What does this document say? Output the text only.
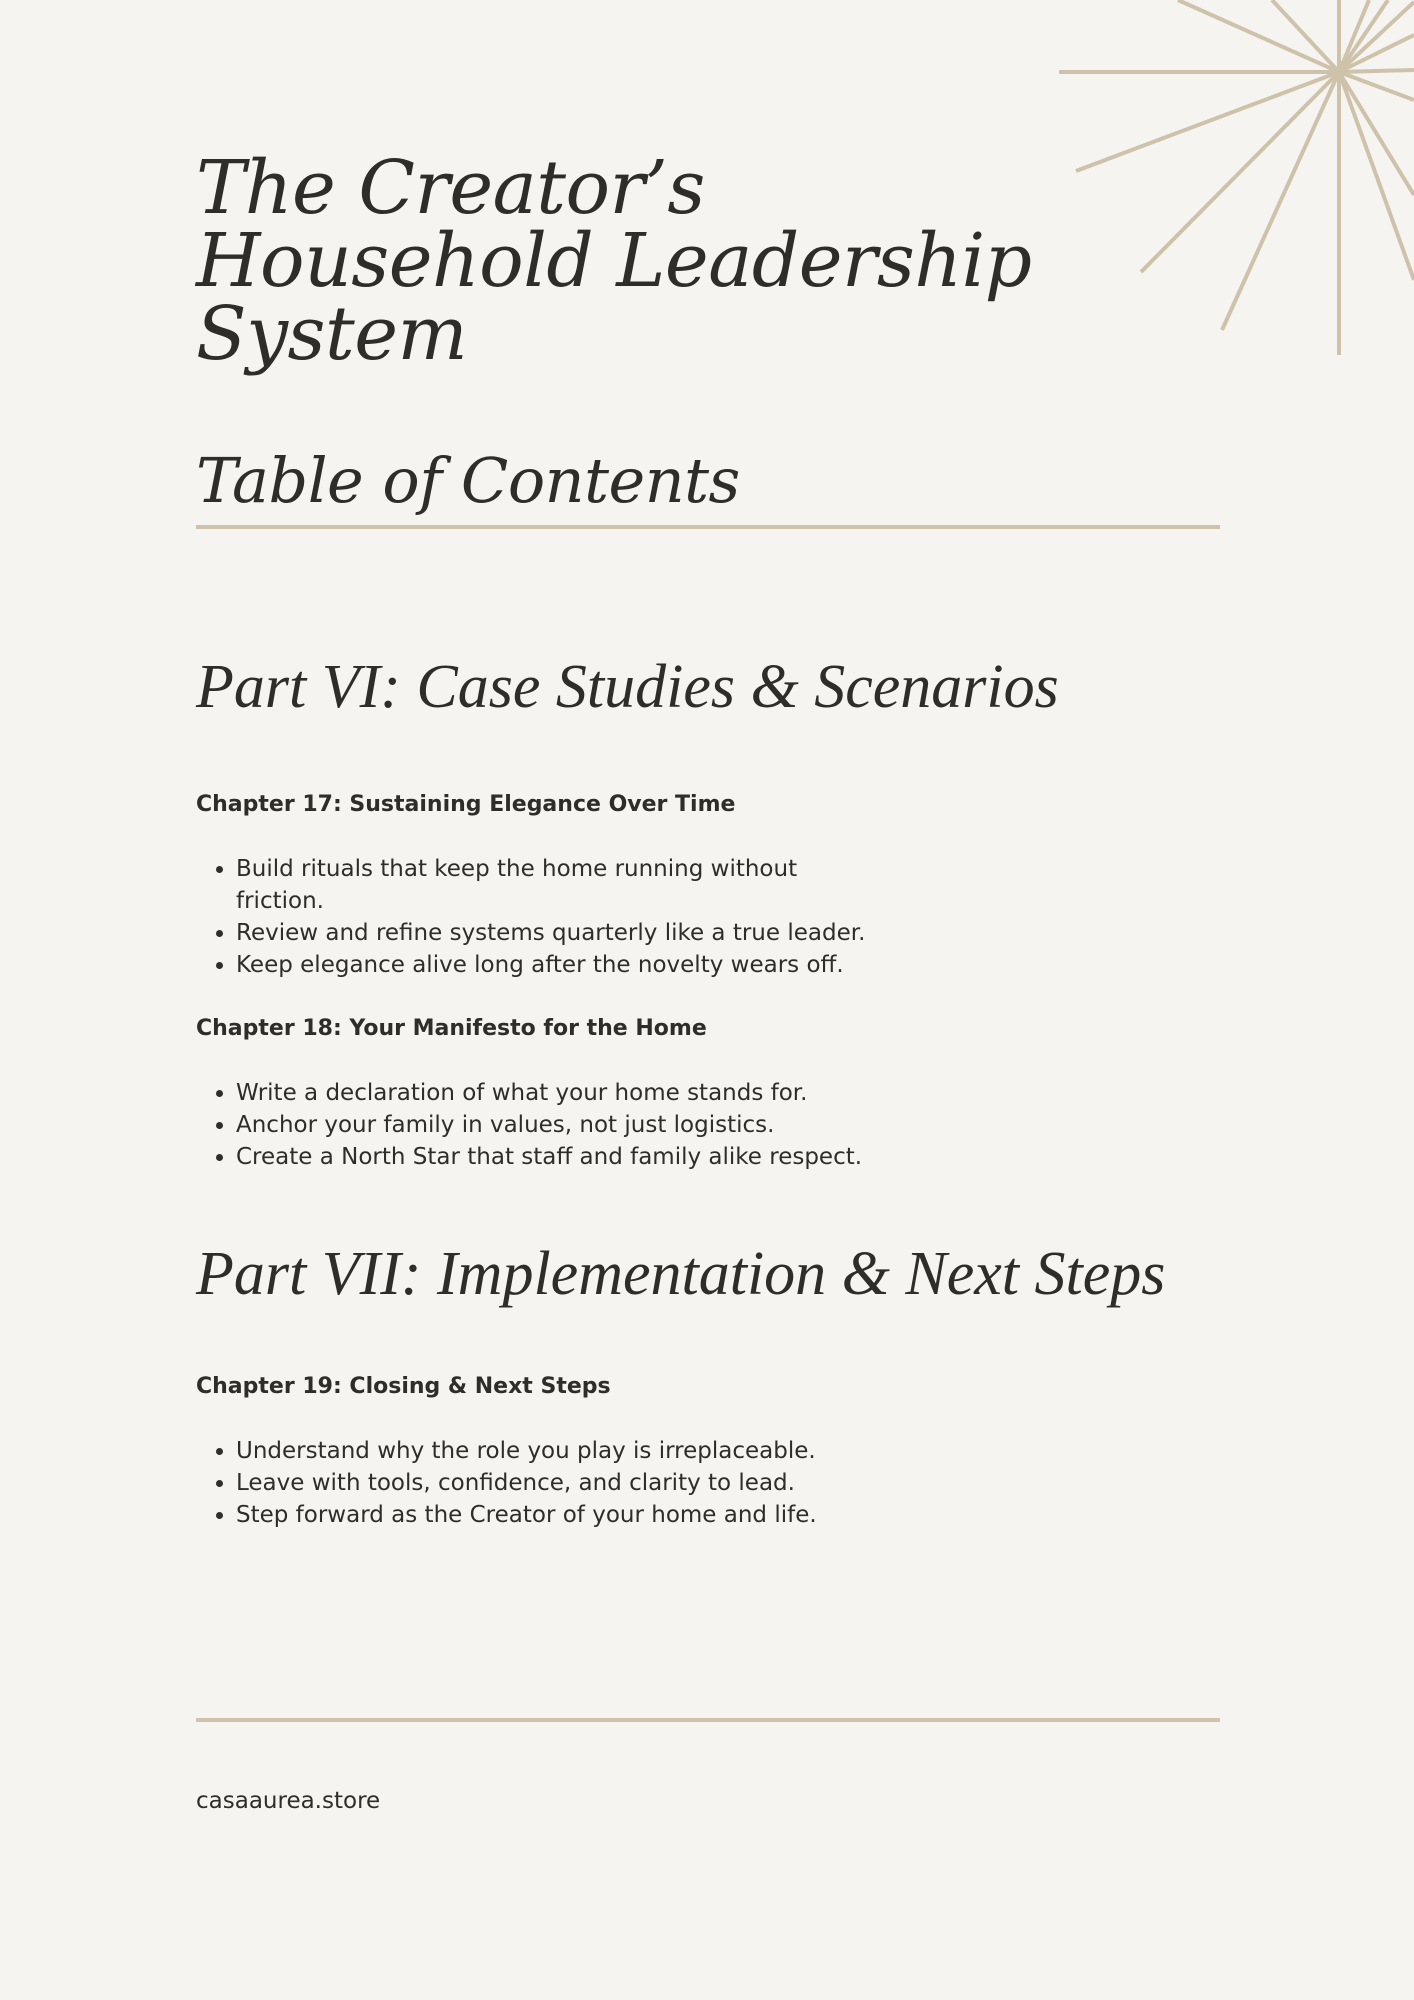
The Creator’s Household Leadership System
Table of Contents
Part VI: Case Studies & Scenarios
Chapter 17: Sustaining Elegance Over Time
• Build rituals that keep the home running without friction.
• Review and refine systems quarterly like a true leader.
• Keep elegance alive long after the novelty wears off.
Chapter 18: Your Manifesto for the Home
• Write a declaration of what your home stands for.
• Anchor your family in values, not just logistics.
• Create a North Star that staff and family alike respect.
Part VII: Implementation & Next Steps
Chapter 19: Closing & Next Steps
• Understand why the role you play is irreplaceable.
• Leave with tools, confidence, and clarity to lead.
• Step forward as the Creator of your home and life.

casaaurea.store
